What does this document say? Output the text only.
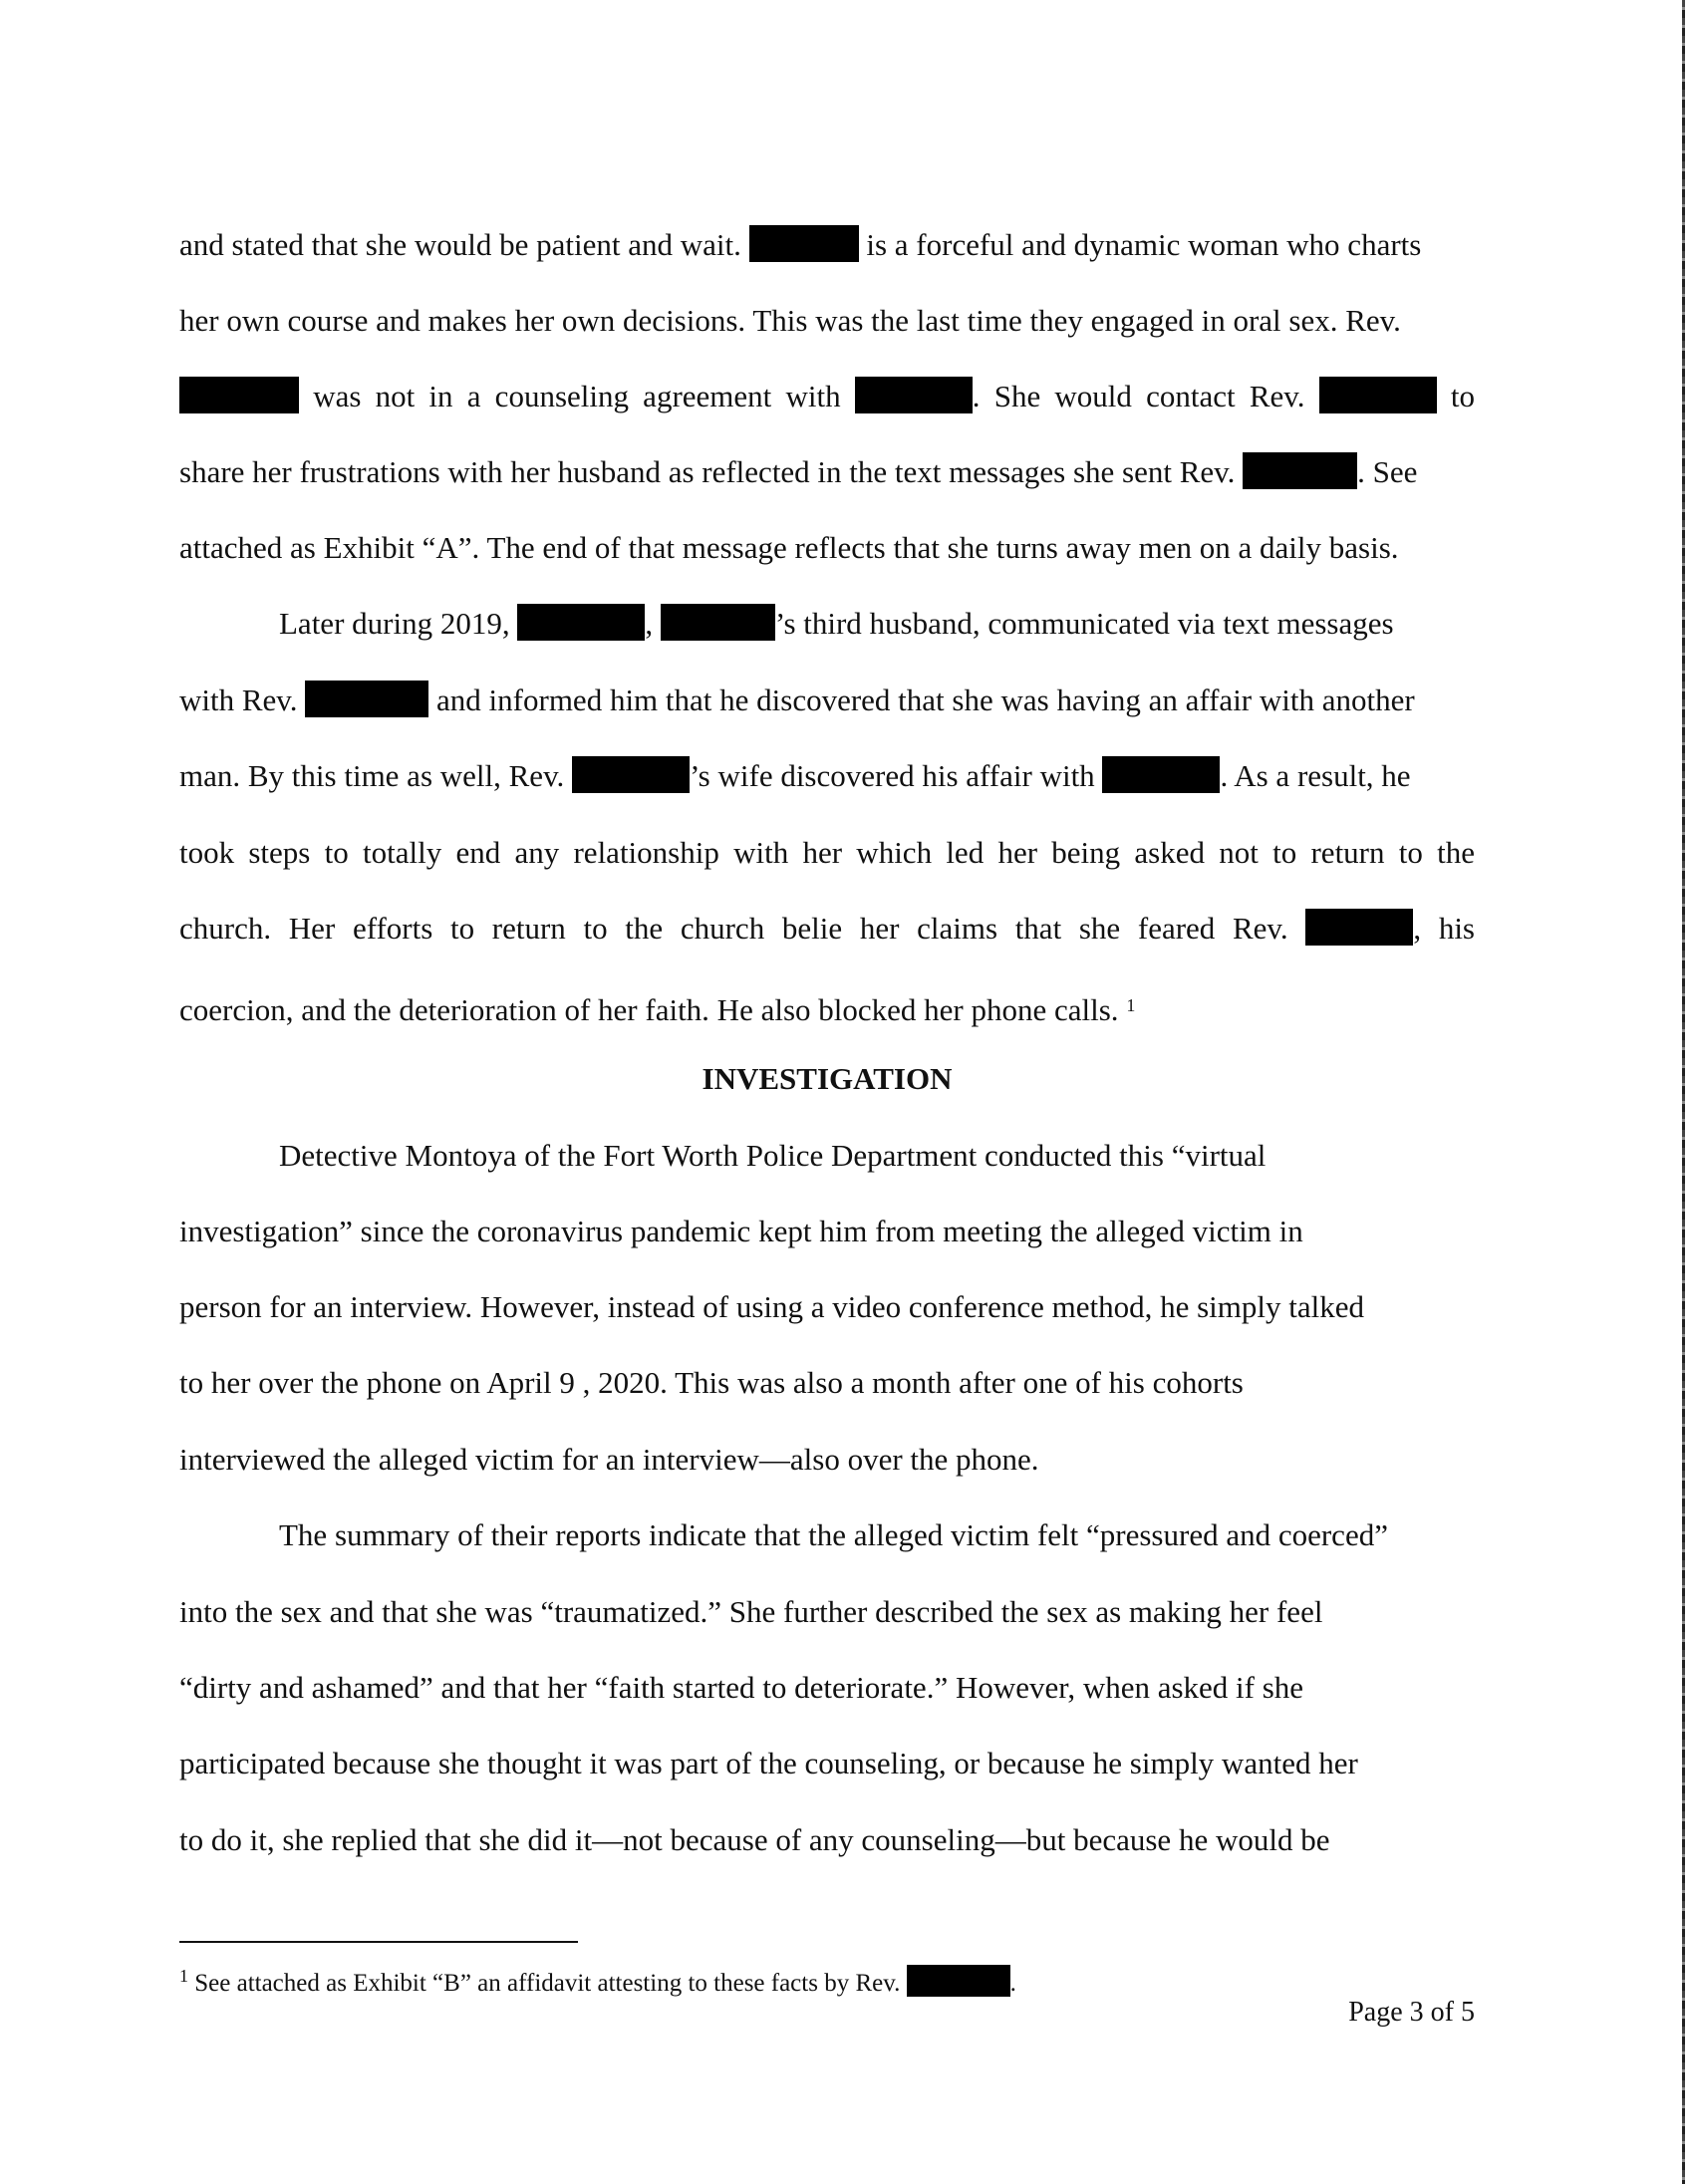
and stated that she would be patient and wait.	is a forceful and dynamic woman who charts
her own course and makes her own decisions. This was the last time they engaged in oral sex. Rev.
was not in a counseling agreement with	. She would contact Rev.	to
share her frustrations with her husband as reflected in the text messages she sent Rev.	. See
attached as Exhibit “A”. The end of that message reflects that she turns away men on a daily basis.
Later during 2019,	,	’s third husband, communicated via text messages
with Rev.	and informed him that he discovered that she was having an affair with another
man. By this time as well, Rev.	’s wife discovered his affair with	. As a result, he
took steps to totally end any relationship with her which led her being asked not to return to the
church. Her efforts to return to the church belie her claims that she feared Rev.	, his
coercion, and the deterioration of her faith. He also blocked her phone calls. $^1$
INVESTIGATION
Detective Montoya of the Fort Worth Police Department conducted this “virtual
investigation” since the coronavirus pandemic kept him from meeting the alleged victim in
person for an interview. However, instead of using a video conference method, he simply talked
to her over the phone on April 9 , 2020. This was also a month after one of his cohorts
interviewed the alleged victim for an interview—also over the phone.
The summary of their reports indicate that the alleged victim felt “pressured and coerced”
into the sex and that she was “traumatized.” She further described the sex as making her feel
“dirty and ashamed” and that her “faith started to deteriorate.” However, when asked if she
participated because she thought it was part of the counseling, or because he simply wanted her
to do it, she replied that she did it—not because of any counseling—but because he would be
$^1$ See attached as Exhibit “B” an affidavit attesting to these facts by Rev.	.
Page 3 of 5
